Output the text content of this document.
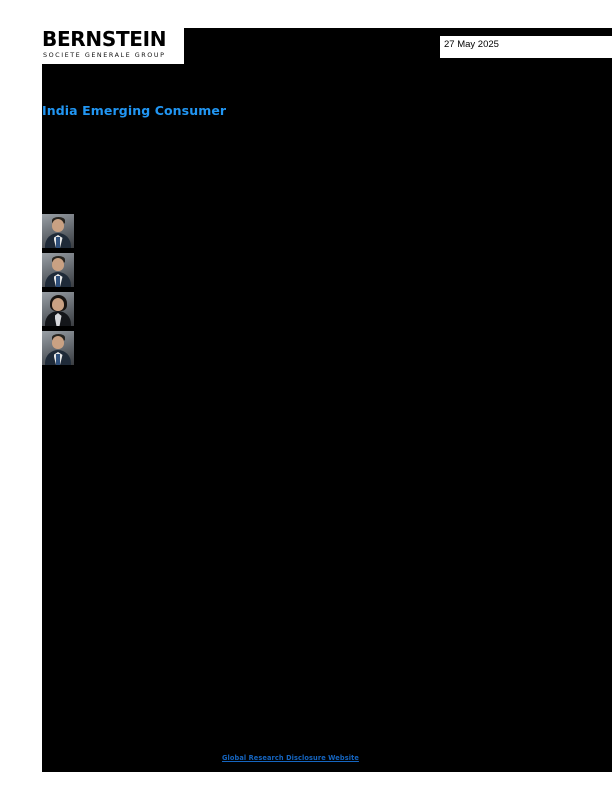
BERNSTEIN
SOCIETE GENERALE GROUP
27 May 2025
India Emerging Consumer
Global Research Disclosure Website
